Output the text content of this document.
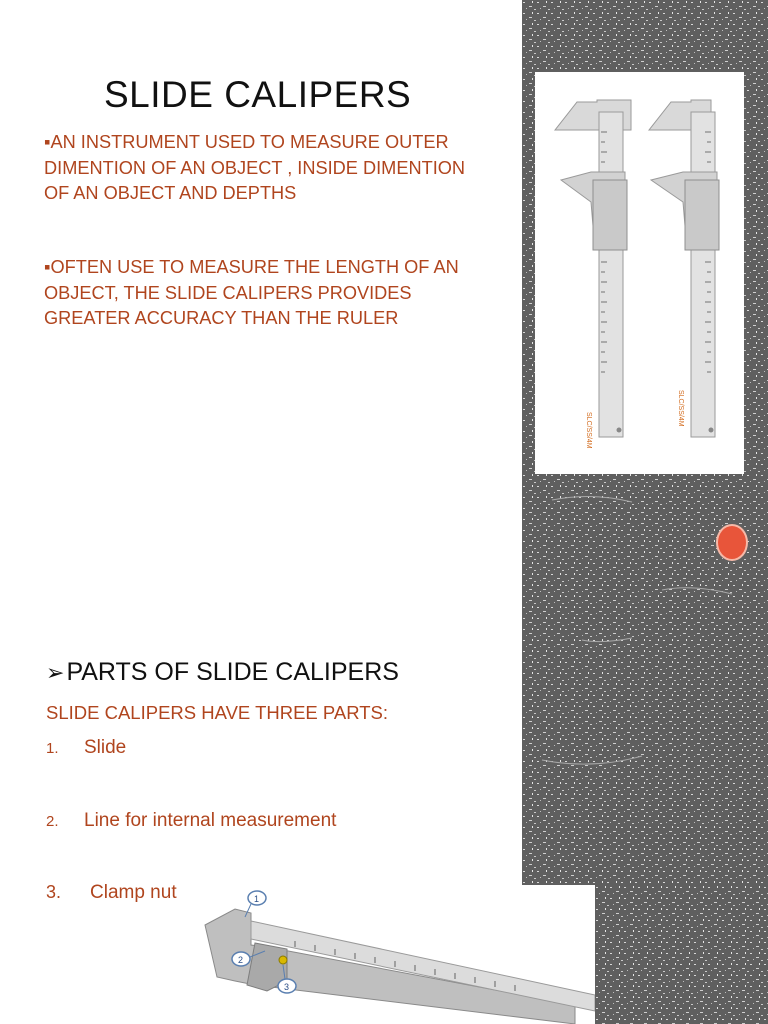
SLC/SS/4M
SLC/SS/4M
SLIDE CALIPERS
▪AN INSTRUMENT USED TO MEASURE OUTER DIMENTION OF AN OBJECT , INSIDE DIMENTION OF AN OBJECT AND DEPTHS
▪OFTEN USE TO MEASURE THE LENGTH OF AN OBJECT, THE SLIDE CALIPERS PROVIDES GREATER ACCURACY THAN THE RULER
➢PARTS OF SLIDE CALIPERS
SLIDE CALIPERS HAVE THREE PARTS:
1. Slide
2. Line for internal measurement
3. Clamp nut	1
2
3
